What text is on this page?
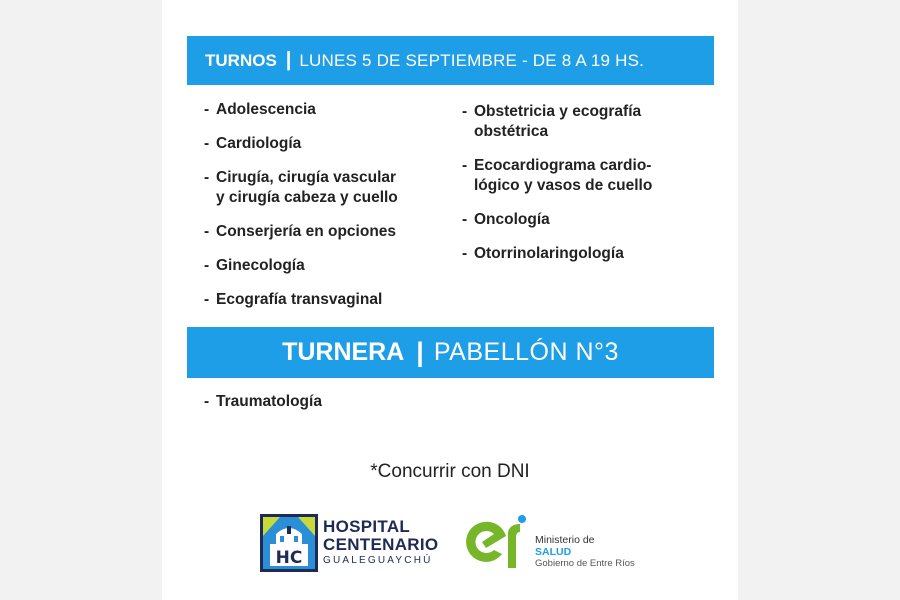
TURNOS | LUNES 5 DE SEPTIEMBRE - DE 8 A 19 HS.
- Adolescencia
- Cardiología
- Cirugía, cirugía vascular
y cirugía cabeza y cuello
- Conserjería en opciones
- Ginecología
- Ecografía transvaginal
- Obstetricia y ecografía
obstétrica
- Ecocardiograma cardio-
lógico y vasos de cuello
- Oncología
- Otorrinolaringología
TURNERA | PABELLÓN N°3
- Traumatología
*Concurrir con DNI
HC
HOSPITAL
CENTENARIO
GUALEGUAYCHÚ
Ministerio de
SALUD
Gobierno de Entre Ríos
